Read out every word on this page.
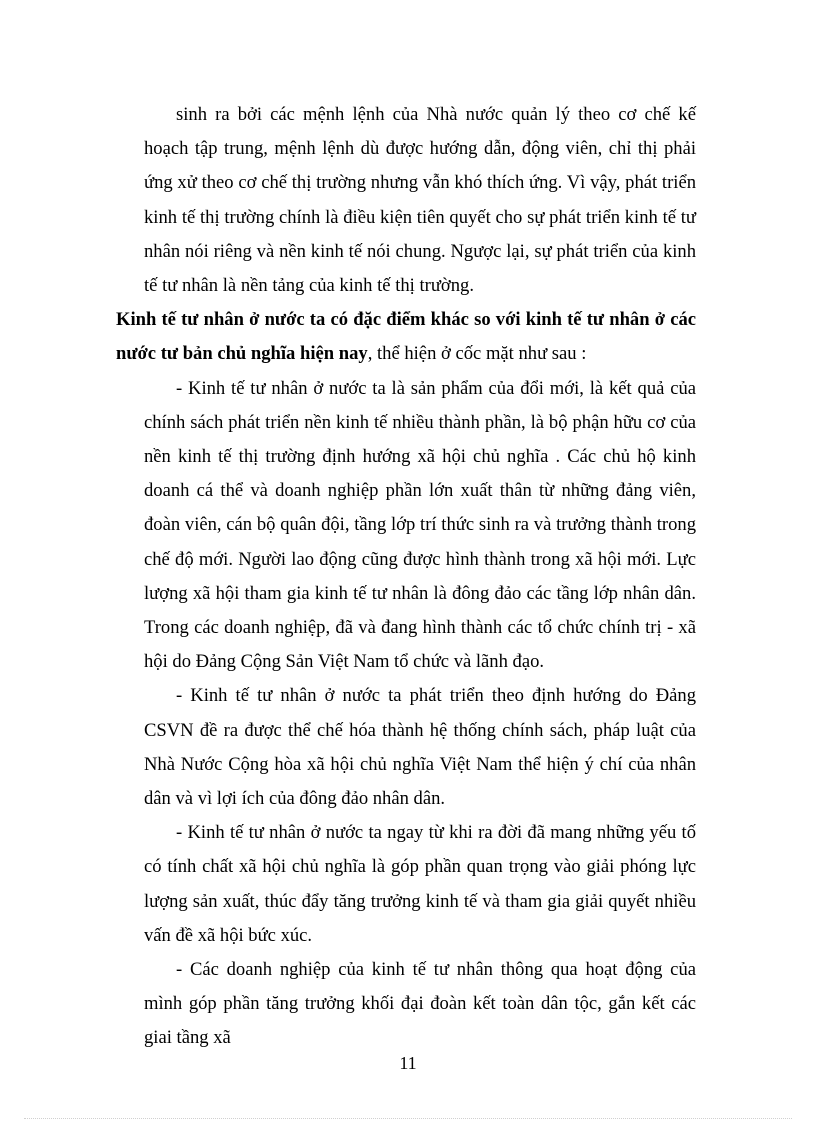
sinh ra bởi các mệnh lệnh của Nhà nước quản lý theo cơ chế kế hoạch tập trung, mệnh lệnh dù được hướng dẫn, động viên, chỉ thị phải ứng xử theo cơ chế thị trường nhưng vẫn khó thích ứng. Vì vậy, phát triển kinh tế thị trường chính là điều kiện tiên quyết cho sự phát triển kinh tế tư nhân nói riêng và nền kinh tế nói chung. Ngược lại, sự phát triển của kinh tế tư nhân là nền tảng của kinh tế thị trường.

Kinh tế tư nhân ở nước ta có đặc điểm khác so với kinh tế tư nhân ở các nước tư bản chủ nghĩa hiện nay, thể hiện ở cốc mặt như sau :

- Kinh tế tư nhân ở nước ta là sản phẩm của đổi mới, là kết quả của chính sách phát triển nền kinh tế nhiều thành phần, là bộ phận hữu cơ của nền kinh tế thị trường định hướng xã hội chủ nghĩa . Các chủ hộ kinh doanh cá thể và doanh nghiệp phần lớn xuất thân từ những đảng viên, đoàn viên, cán bộ quân đội, tầng lớp trí thức sinh ra và trưởng thành trong chế độ mới. Người lao động cũng được hình thành trong xã hội mới. Lực lượng xã hội tham gia kinh tế tư nhân là đông đảo các tầng lớp nhân dân. Trong các doanh nghiệp, đã và đang hình thành các tổ chức chính trị - xã hội do Đảng Cộng Sản Việt Nam tổ chức và lãnh đạo.

- Kinh tế tư nhân ở nước ta phát triển theo định hướng do Đảng CSVN đề ra được thể chế hóa thành hệ thống chính sách, pháp luật của Nhà Nước Cộng hòa xã hội chủ nghĩa Việt Nam thể hiện ý chí của nhân dân và vì lợi ích của đông đảo nhân dân.

- Kinh tế tư nhân ở nước ta ngay từ khi ra đời đã mang những yếu tố có tính chất xã hội chủ nghĩa là góp phần quan trọng vào giải phóng lực lượng sản xuất, thúc đẩy tăng trưởng kinh tế và tham gia giải quyết nhiều vấn đề xã hội bức xúc.

- Các doanh nghiệp của kinh tế tư nhân thông qua hoạt động của mình góp phần tăng trưởng khối đại đoàn kết toàn dân tộc, gắn kết các giai tầng xã

11
